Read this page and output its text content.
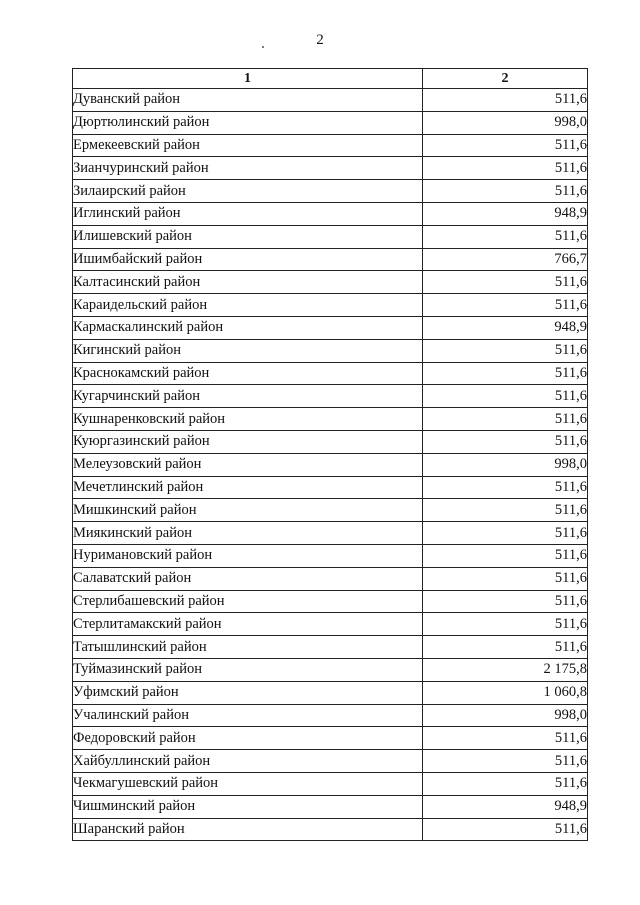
2
1	2
Дуванский район	511,6
Дюртюлинский район	998,0
Ермекеевский район	511,6
Зианчуринский район	511,6
Зилаирский район	511,6
Иглинский район	948,9
Илишевский район	511,6
Ишимбайский район	766,7
Калтасинский район	511,6
Караидельский район	511,6
Кармаскалинский район	948,9
Кигинский район	511,6
Краснокамский район	511,6
Кугарчинский район	511,6
Кушнаренковский район	511,6
Куюргазинский район	511,6
Мелеузовский район	998,0
Мечетлинский район	511,6
Мишкинский район	511,6
Миякинский район	511,6
Нуримановский район	511,6
Салаватский район	511,6
Стерлибашевский район	511,6
Стерлитамакский район	511,6
Татышлинский район	511,6
Туймазинский район	2 175,8
Уфимский район	1 060,8
Учалинский район	998,0
Федоровский район	511,6
Хайбуллинский район	511,6
Чекмагушевский район	511,6
Чишминский район	948,9
Шаранский район	511,6
